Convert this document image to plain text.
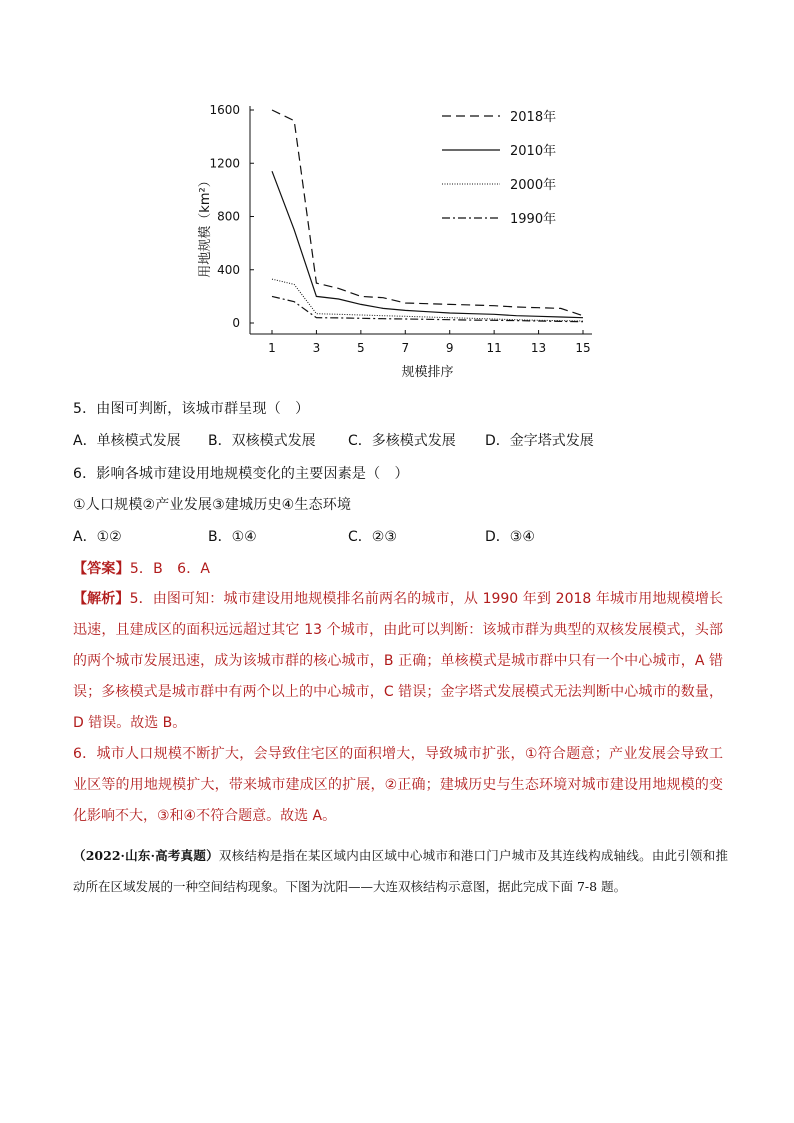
0
400
800
1200
1600
1	3	5	7	9	11 13 15
2018年
2010年
2000年
1990年
用地规模（km²）
规模排序
5．由图可判断，该城市群呈现（　）
A．单核模式发展 B．双核模式发展 C．多核模式发展 D．金字塔式发展
6．影响各城市建设用地规模变化的主要因素是（　）
①人口规模②产业发展③建城历史④生态环境
A．①②	B．①④	C．②③	D．③④
【答案】5．B　6．A

【解析】5．由图可知：城市建设用地规模排名前两名的城市，从 1990 年到 2018 年城市用地规模增长迅速，且建成区的面积远远超过其它 13 个城市，由此可以判断：该城市群为典型的双核发展模式，头部的两个城市发展迅速，成为该城市群的核心城市，B 正确；单核模式是城市群中只有一个中心城市，A 错误；多核模式是城市群中有两个以上的中心城市，C 错误；金字塔式发展模式无法判断中心城市的数量，D 错误。故选 B。

6．城市人口规模不断扩大，会导致住宅区的面积增大，导致城市扩张，①符合题意；产业发展会导致工业区等的用地规模扩大，带来城市建成区的扩展，②正确；建城历史与生态环境对城市建设用地规模的变化影响不大，③和④不符合题意。故选 A。

（2022·山东·高考真题）双核结构是指在某区域内由区域中心城市和港口门户城市及其连线构成轴线。由此引领和推动所在区域发展的一种空间结构现象。下图为沈阳——大连双核结构示意图，据此完成下面 7-8 题。
